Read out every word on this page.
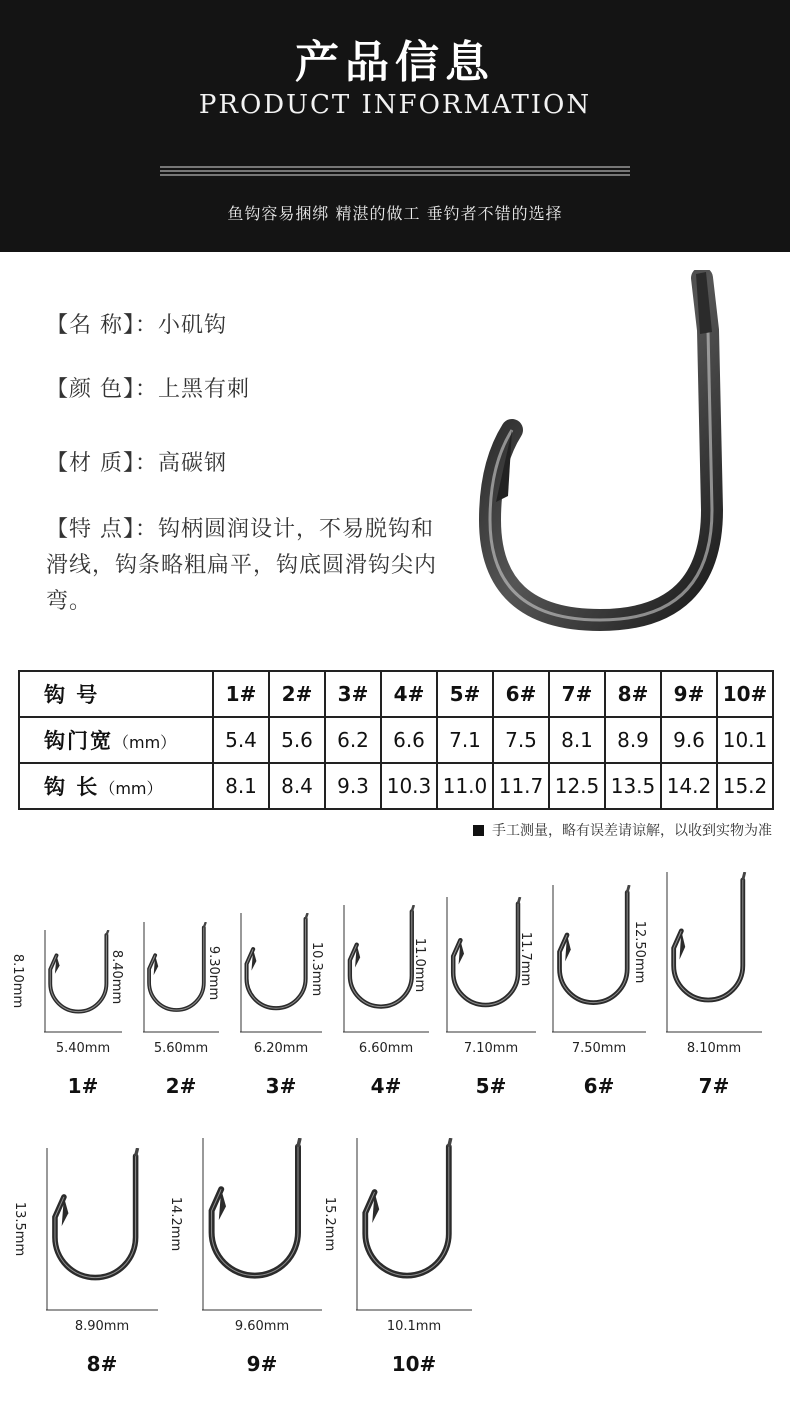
产品信息
PRODUCT INFORMATION
鱼钩容易捆绑 精湛的做工 垂钓者不错的选择
【名 称】：小矶钩
【颜 色】：上黑有刺
【材 质】：高碳钢
【特 点】：钩柄圆润设计，不易脱钩和滑线，钩条略粗扁平，钩底圆滑钩尖内弯。
钩 号	1#	2#	3#	4#	5#	6#	7#	8#	9#	10#
钩门宽（mm）	5.4	5.6	6.2	6.6	7.1	7.5	8.1	8.9	9.6	10.1
钩 长（mm）	8.1	8.4	9.3	10.3	11.0	11.7	12.5	13.5	14.2	15.2
手工测量，略有误差请谅解，以收到实物为准
8.10mm
5.40mm
1#
8.40mm
5.60mm
2#
9.30mm
6.20mm
3#
10.3mm
6.60mm
4#
11.0mm
7.10mm
5#
11.7mm
7.50mm
6#
12.50mm
8.10mm
7#
13.5mm
8.90mm
8#
14.2mm
9.60mm
9#
15.2mm
10.1mm
10#
